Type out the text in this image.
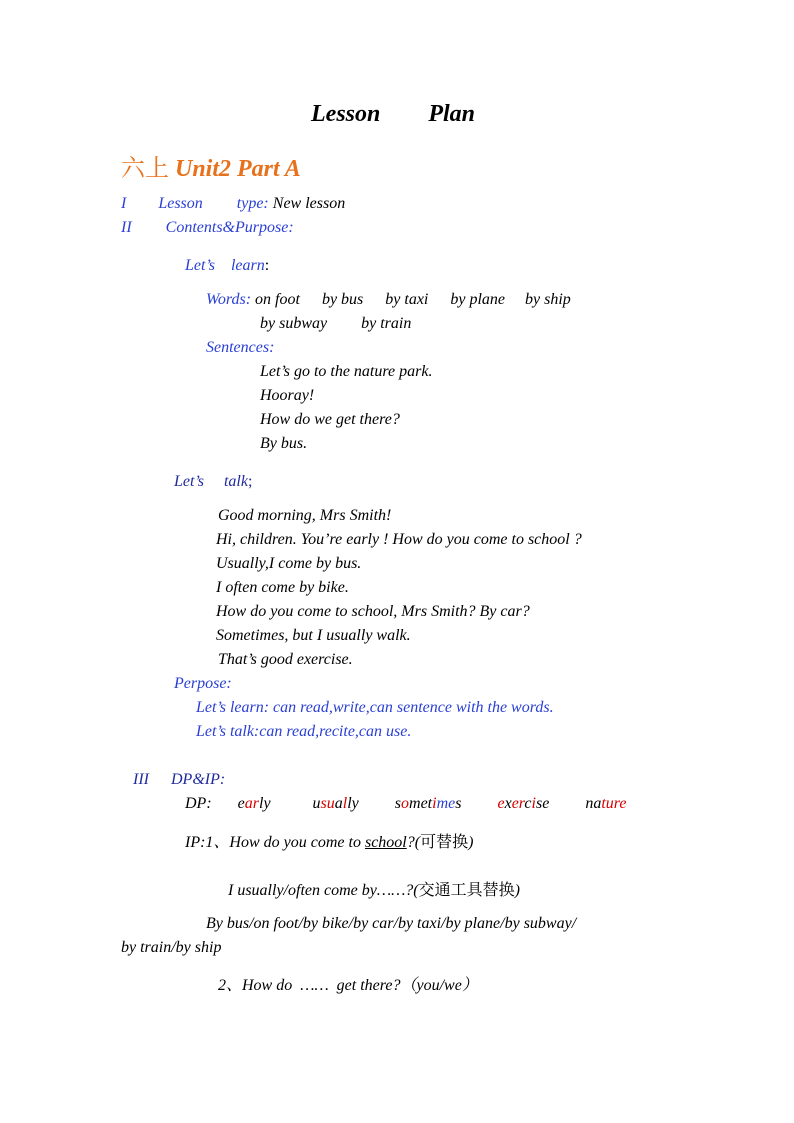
Lesson Plan
六上 Unit2 Part A
I Lesson type: New lesson
II Contents&Purpose:
Let’s learn:
Words: on foot by bus by taxi by plane by ship
by subway by train
Sentences:
Let’s go to the nature park.
Hooray!
How do we get there?
By bus.
Let’s talk;
Good morning, Mrs Smith!
Hi, children. You’re early ! How do you come to school ?
Usually,I come by bus.
I often come by bike.
How do you come to school, Mrs Smith? By car?
Sometimes, but I usually walk.
That’s good exercise.
Perpose:
Let’s learn: can read,write,can sentence with the words.
Let’s talk:can read,recite,can use.
III DP&IP:
DP: early	usually sometimes exercise nature
IP:1、How do you come to school?(可替换)
I usually/often come by……?(交通工具替换)
By bus/on foot/by bike/by car/by taxi/by plane/by subway/
by train/by ship
2、How do  ……  get there?（you/we）
